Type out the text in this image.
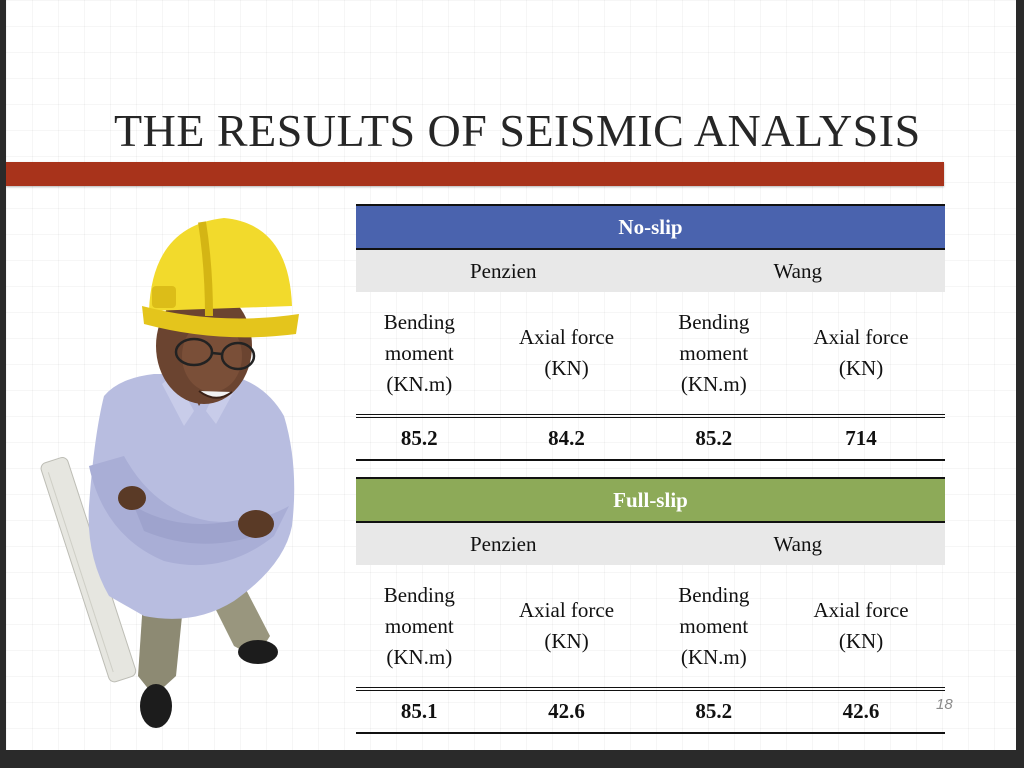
THE RESULTS OF SEISMIC ANALYSIS
No-slip			
Penzien		Wang	

Bending
moment
(KN.m)	Axial force
(KN)	Bending
moment
(KN.m)	Axial force
(KN)

85.2	84.2	85.2	714
Full-slip			
Penzien		Wang	

Bending
moment
(KN.m)	Axial force
(KN)	Bending
moment
(KN.m)	Axial force
(KN)

85.1	42.6	85.2	42.6	18
